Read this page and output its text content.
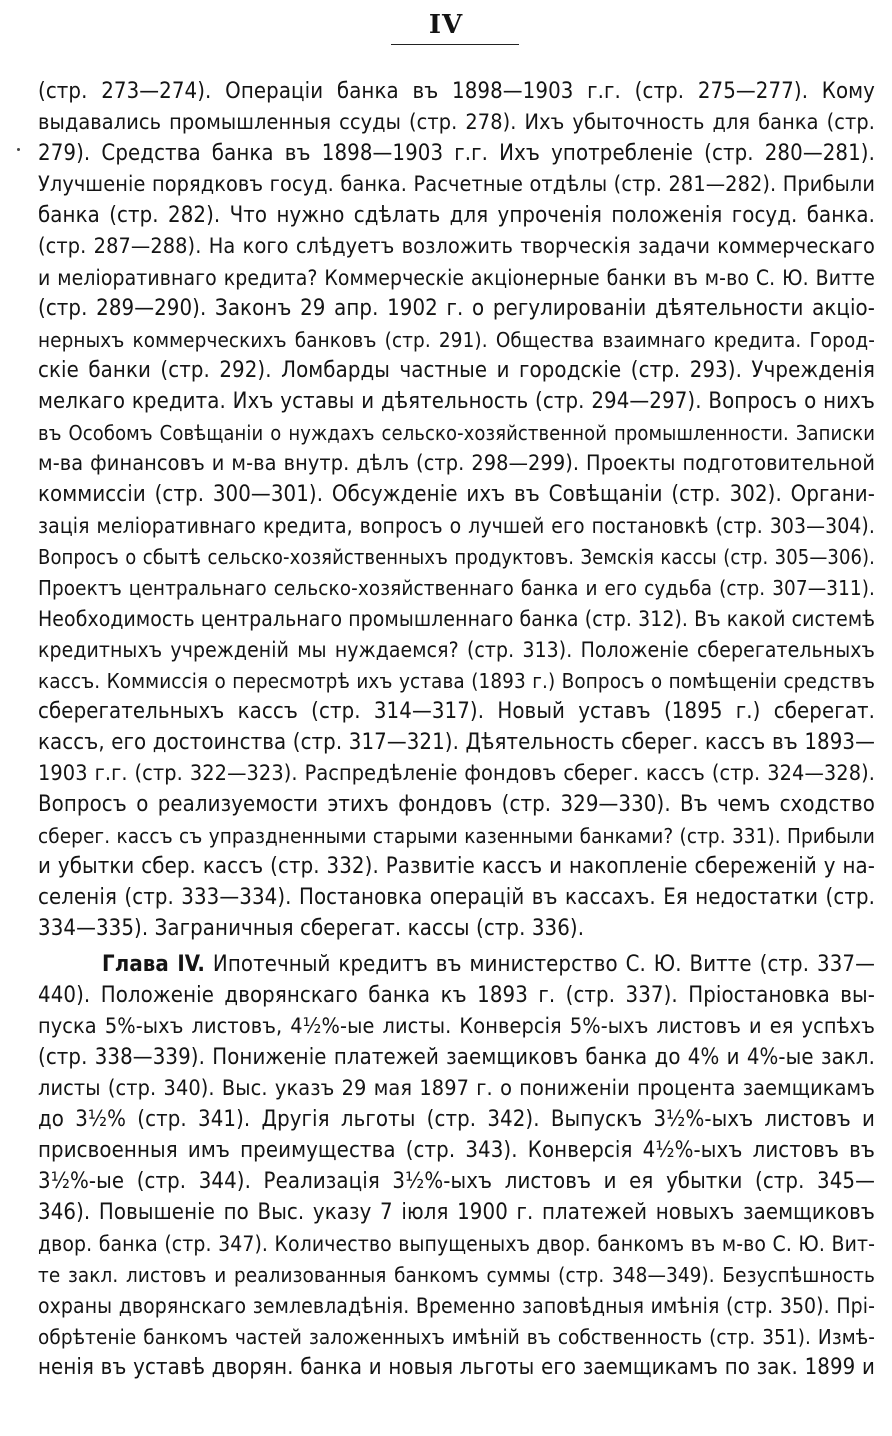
IV
(стр. 273—274). Операціи банка въ 1898—1903 г.г. (стр. 275—277). Кому
выдавались промышленныя ссуды (стр. 278). Ихъ убыточность для банка (стр.
279). Средства банка въ 1898—1903 г.г. Ихъ употребленіе (стр. 280—281).
Улучшеніе порядковъ госуд. банка. Расчетные отдѣлы (стр. 281—282). Прибыли
банка (стр. 282). Что нужно сдѣлать для упроченія положенія госуд. банка.
(стр. 287—288). На кого слѣдуетъ возложить творческія задачи коммерческаго
и меліоративнаго кредита? Коммерческіе акціонерные банки въ м-во С. Ю. Витте
(стр. 289—290). Законъ 29 апр. 1902 г. о регулированіи дѣятельности акціо-
нерныхъ коммерческихъ банковъ (стр. 291). Общества взаимнаго кредита. Город-
скіе банки (стр. 292). Ломбарды частные и городскіе (стр. 293). Учрежденія
мелкаго кредита. Ихъ уставы и дѣятельность (стр. 294—297). Вопросъ о нихъ
въ Особомъ Совѣщаніи о нуждахъ сельско-хозяйственной промышленности. Записки
м-ва финансовъ и м-ва внутр. дѣлъ (стр. 298—299). Проекты подготовительной
коммиссіи (стр. 300—301). Обсужденіе ихъ въ Совѣщаніи (стр. 302). Органи-
зація меліоративнаго кредита, вопросъ о лучшей его постановкѣ (стр. 303—304).
Вопросъ о сбытѣ сельско-хозяйственныхъ продуктовъ. Земскія кассы (стр. 305—306).
Проектъ центральнаго сельско-хозяйственнаго банка и его судьба (стр. 307—311).
Необходимость центральнаго промышленнаго банка (стр. 312). Въ какой системѣ
кредитныхъ учрежденій мы нуждаемся? (стр. 313). Положеніе сберегательныхъ
кассъ. Коммиссія о пересмотрѣ ихъ устава (1893 г.) Вопросъ о помѣщеніи средствъ
сберегательныхъ кассъ (стр. 314—317). Новый уставъ (1895 г.) сберегат.
кассъ, его достоинства (стр. 317—321). Дѣятельность сберег. кассъ въ 1893—
1903 г.г. (стр. 322—323). Распредѣленіе фондовъ сберег. кассъ (стр. 324—328).
Вопросъ о реализуемости этихъ фондовъ (стр. 329—330). Въ чемъ сходство
сберег. кассъ съ упраздненными старыми казенными банками? (стр. 331). Прибыли
и убытки сбер. кассъ (стр. 332). Развитіе кассъ и накопленіе сбереженій у на-
селенія (стр. 333—334). Постановка операцій въ кассахъ. Ея недостатки (стр.
334—335). Заграничныя сберегат. кассы (стр. 336).
Глава IV. Ипотечный кредитъ въ министерство С. Ю. Витте (стр. 337—
440). Положеніе дворянскаго банка къ 1893 г. (стр. 337). Пріостановка вы-
пуска 5%-ыхъ листовъ, 4½%-ые листы. Конверсія 5%-ыхъ листовъ и ея успѣхъ
(стр. 338—339). Пониженіе платежей заемщиковъ банка до 4% и 4%-ые закл.
листы (стр. 340). Выс. указъ 29 мая 1897 г. о пониженіи процента заемщикамъ
до 3½% (стр. 341). Другія льготы (стр. 342). Выпускъ 3½%-ыхъ листовъ и
присвоенныя имъ преимущества (стр. 343). Конверсія 4½%-ыхъ листовъ въ
3½%-ые (стр. 344). Реализація 3½%-ыхъ листовъ и ея убытки (стр. 345—
346). Повышеніе по Выс. указу 7 іюля 1900 г. платежей новыхъ заемщиковъ
двор. банка (стр. 347). Количество выпущеныхъ двор. банкомъ въ м-во С. Ю. Вит-
те закл. листовъ и реализованныя банкомъ суммы (стр. 348—349). Безуспѣшность
охраны дворянскаго землевладѣнія. Временно заповѣдныя имѣнія (стр. 350). Прі-
обрѣтеніе банкомъ частей заложенныхъ имѣній въ собственность (стр. 351). Измѣ-
ненія въ уставѣ дворян. банка и новыя льготы его заемщикамъ по зак. 1899 и
